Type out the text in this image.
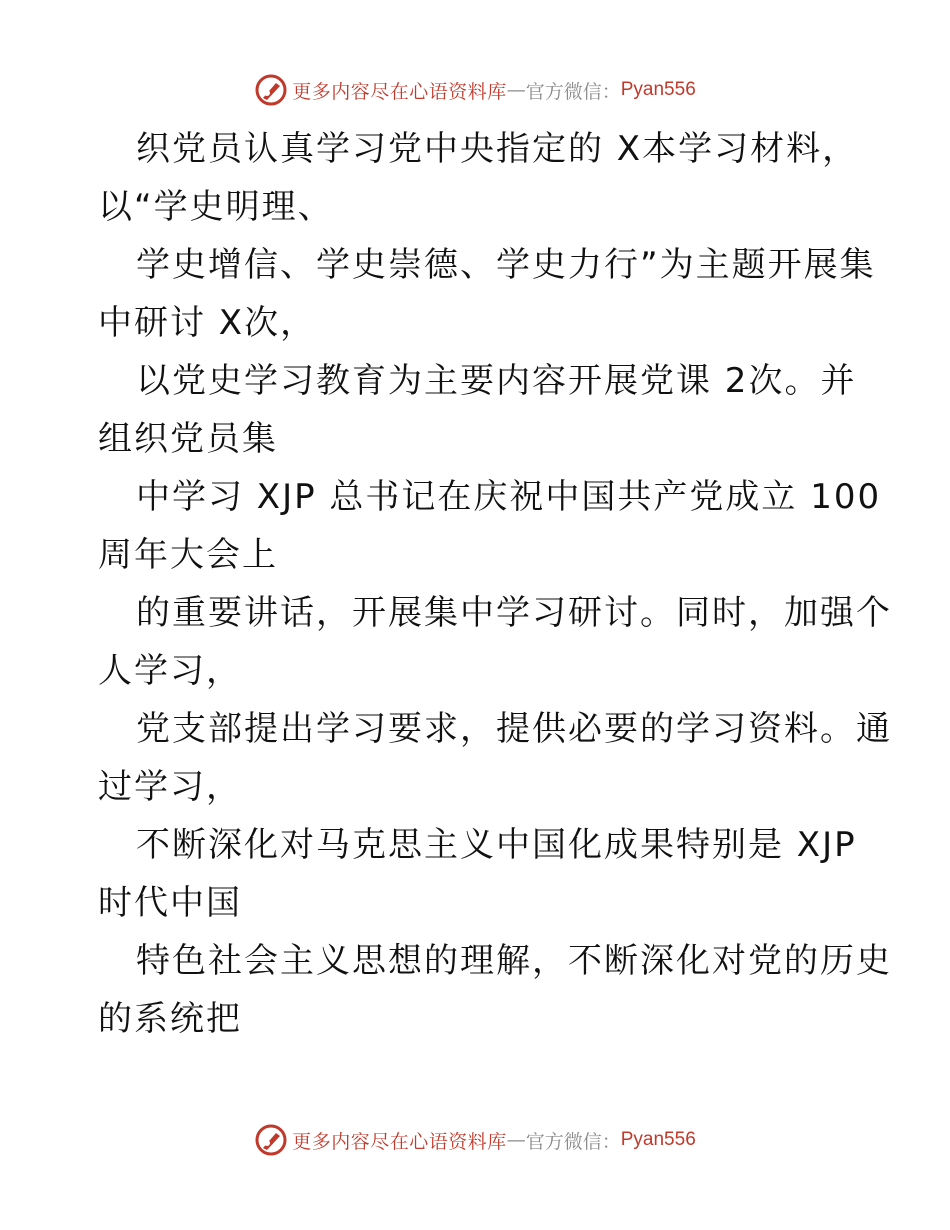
更多内容尽在心语资料库 — 官方微信： Pyan556
织党员认真学习党中央指定的 X本学习材料，
以“学史明理、
学史增信、学史崇德、学史力行”为主题开展集
中研讨 X次，
以党史学习教育为主要内容开展党课 2次。并
组织党员集
中学习 XJP 总书记在庆祝中国共产党成立 100
周年大会上
的重要讲话，开展集中学习研讨。同时，加强个
人学习，
党支部提出学习要求，提供必要的学习资料。通
过学习，
不断深化对马克思主义中国化成果特别是 XJP
时代中国
特色社会主义思想的理解，不断深化对党的历史
的系统把
更多内容尽在心语资料库 — 官方微信： Pyan556
